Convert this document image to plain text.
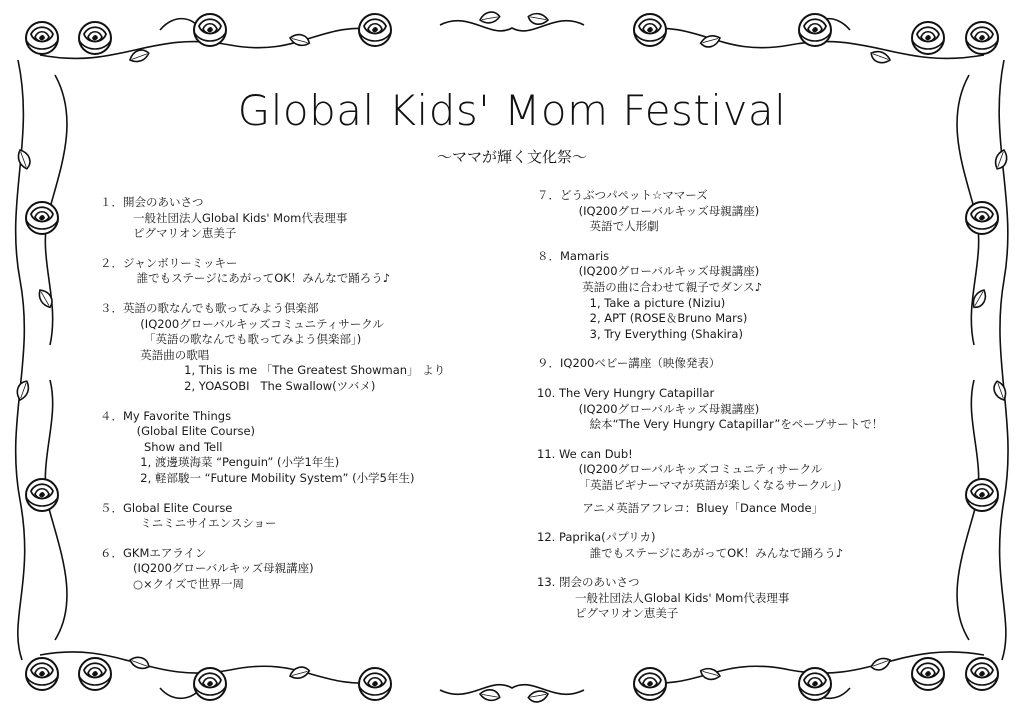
Global Kids' Mom Festival
～ママが輝く文化祭～
１．開会のあいさつ
一般社団法人Global Kids' Mom代表理事
ピグマリオン恵美子
２．ジャンボリーミッキー
誰でもステージにあがってOK！みんなで踊ろう♪
３．英語の歌なんでも歌ってみよう倶楽部
(IQ200グローバルキッズコミュニティサークル
「英語の歌なんでも歌ってみよう倶楽部」)
英語曲の歌唱
1, This is me 「The Greatest Showman」 より
2, YOASOBI   The Swallow(ツバメ)
４．My Favorite Things
(Global Elite Course)
Show and Tell
1, 渡邊瑛海菜 “Penguin” (小学1年生)
2, 軽部駿一 “Future Mobility System” (小学5年生)
５．Global Elite Course
ミニミニサイエンスショー
６．GKMエアライン
(IQ200グローバルキッズ母親講座)
○×クイズで世界一周
７．どうぶつパペット☆ママーズ
(IQ200グローバルキッズ母親講座)
英語で人形劇
８．Mamaris
(IQ200グローバルキッズ母親講座)
英語の曲に合わせて親子でダンス♪
1, Take a picture (Niziu)
2, APT (ROSE＆Bruno Mars)
3, Try Everything (Shakira)
９．IQ200ベビー講座（映像発表）
10. The Very Hungry Catapillar
(IQ200グローバルキッズ母親講座)
絵本“The Very Hungry Catapillar”をペープサートで！
11. We can Dub!
(IQ200グローバルキッズコミュニティサークル
「英語ビギナーママが英語が楽しくなるサークル」)
アニメ英語アフレコ：Bluey「Dance Mode」
12. Paprika(パプリカ)
誰でもステージにあがってOK！みんなで踊ろう♪
13. 閉会のあいさつ
一般社団法人Global Kids' Mom代表理事
ピグマリオン恵美子
